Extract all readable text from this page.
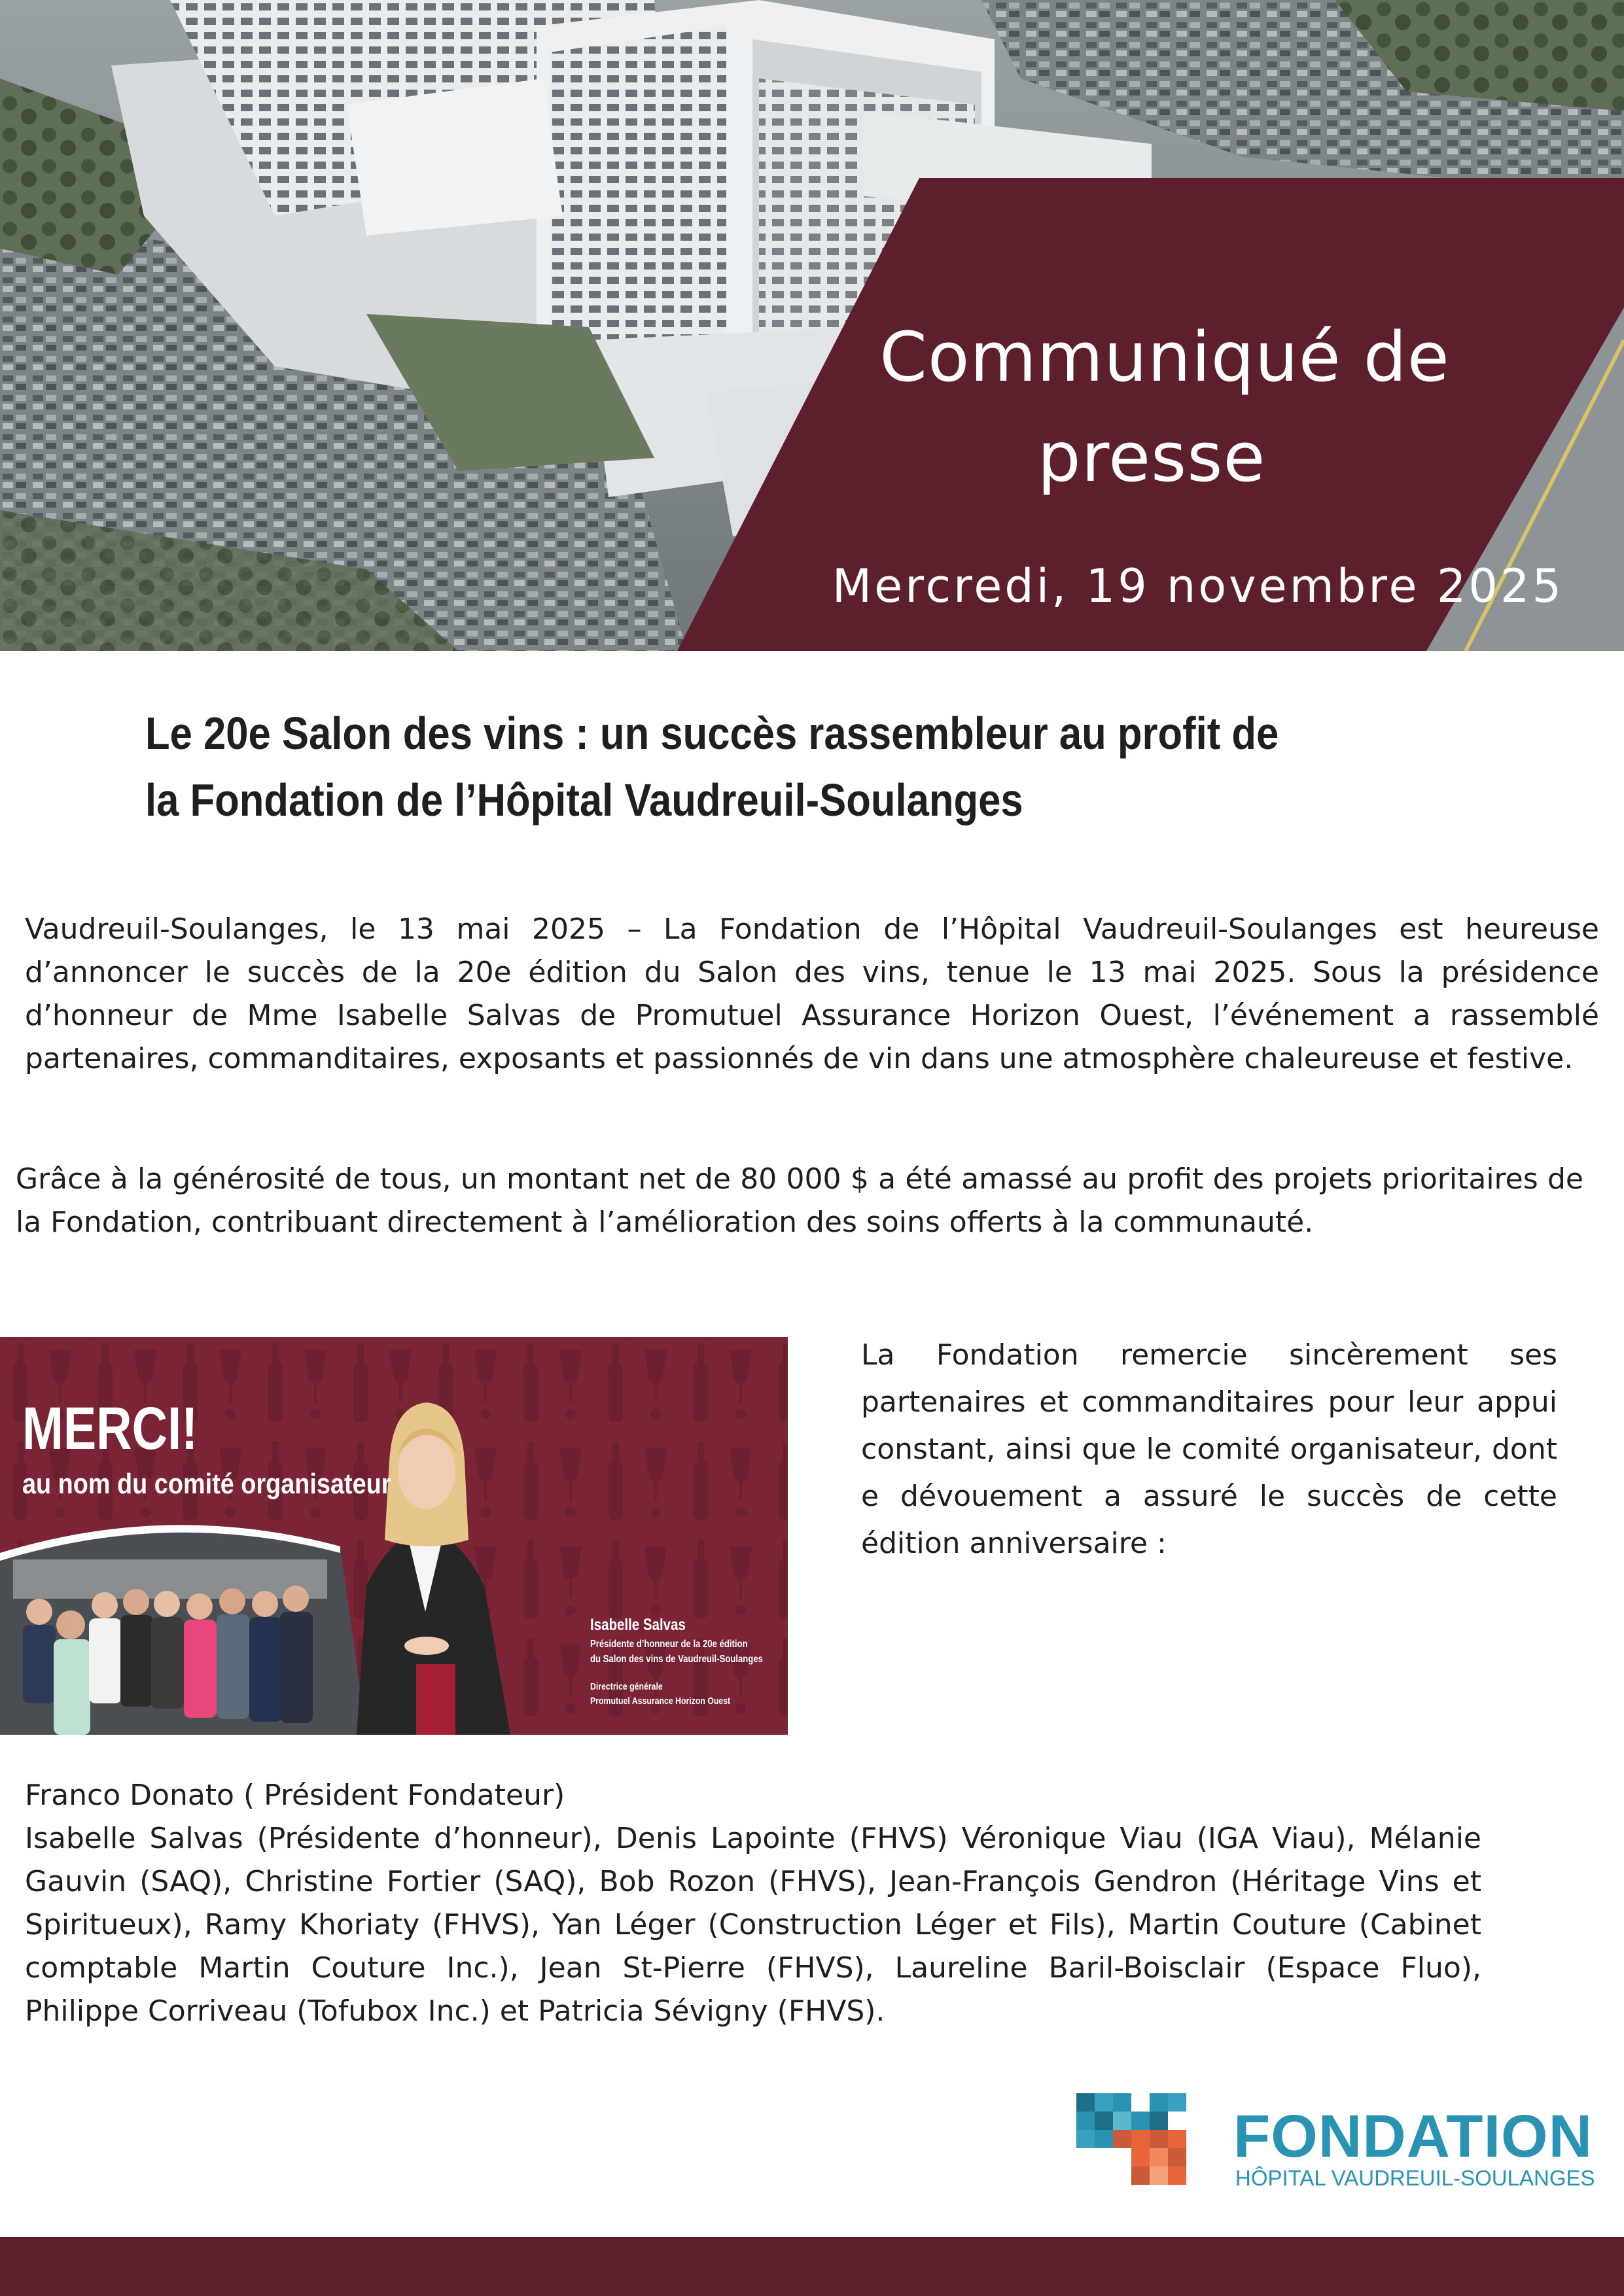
Communiqué de
presse
Mercredi, 19 novembre 2025
Le 20e Salon des vins : un succès rassembleur au profit de
la Fondation de l’Hôpital Vaudreuil-Soulanges

Vaudreuil-Soulanges, le 13 mai 2025 – La Fondation de l’Hôpital Vaudreuil-Soulanges est heureuse d’annoncer le succès de la 20e édition du Salon des vins, tenue le 13 mai 2025. Sous la présidence d’honneur de Mme Isabelle Salvas de Promutuel Assurance Horizon Ouest, l’événement a rassemblé partenaires, commanditaires, exposants et passionnés de vin dans une atmosphère chaleureuse et festive.

Grâce à la générosité de tous, un montant net de 80 000 $ a été amassé au profit des projets prioritaires de la Fondation, contribuant directement à l’amélioration des soins offerts à la communauté.

La Fondation remercie sincèrement ses partenaires et commanditaires pour leur appui constant, ainsi que le comité organisateur, dont e dévouement a assuré le succès de cette édition anniversaire :

MERCI!
au nom du comité organisateur
Isabelle Salvas
Présidente d’honneur de la 20e édition
du Salon des vins de Vaudreuil-Soulanges
Directrice générale
Promutuel Assurance Horizon Ouest

Franco Donato ( Président Fondateur)
Isabelle Salvas (Présidente d’honneur), Denis Lapointe (FHVS) Véronique Viau (IGA Viau), Mélanie Gauvin (SAQ), Christine Fortier (SAQ), Bob Rozon (FHVS), Jean-François Gendron (Héritage Vins et Spiritueux), Ramy Khoriaty (FHVS), Yan Léger (Construction Léger et Fils), Martin Couture (Cabinet comptable Martin Couture Inc.), Jean St-Pierre (FHVS), Laureline Baril-Boisclair (Espace Fluo), Philippe Corriveau (Tofubox Inc.) et Patricia Sévigny (FHVS).

FONDATION
HÔPITAL VAUDREUIL-SOULANGES
